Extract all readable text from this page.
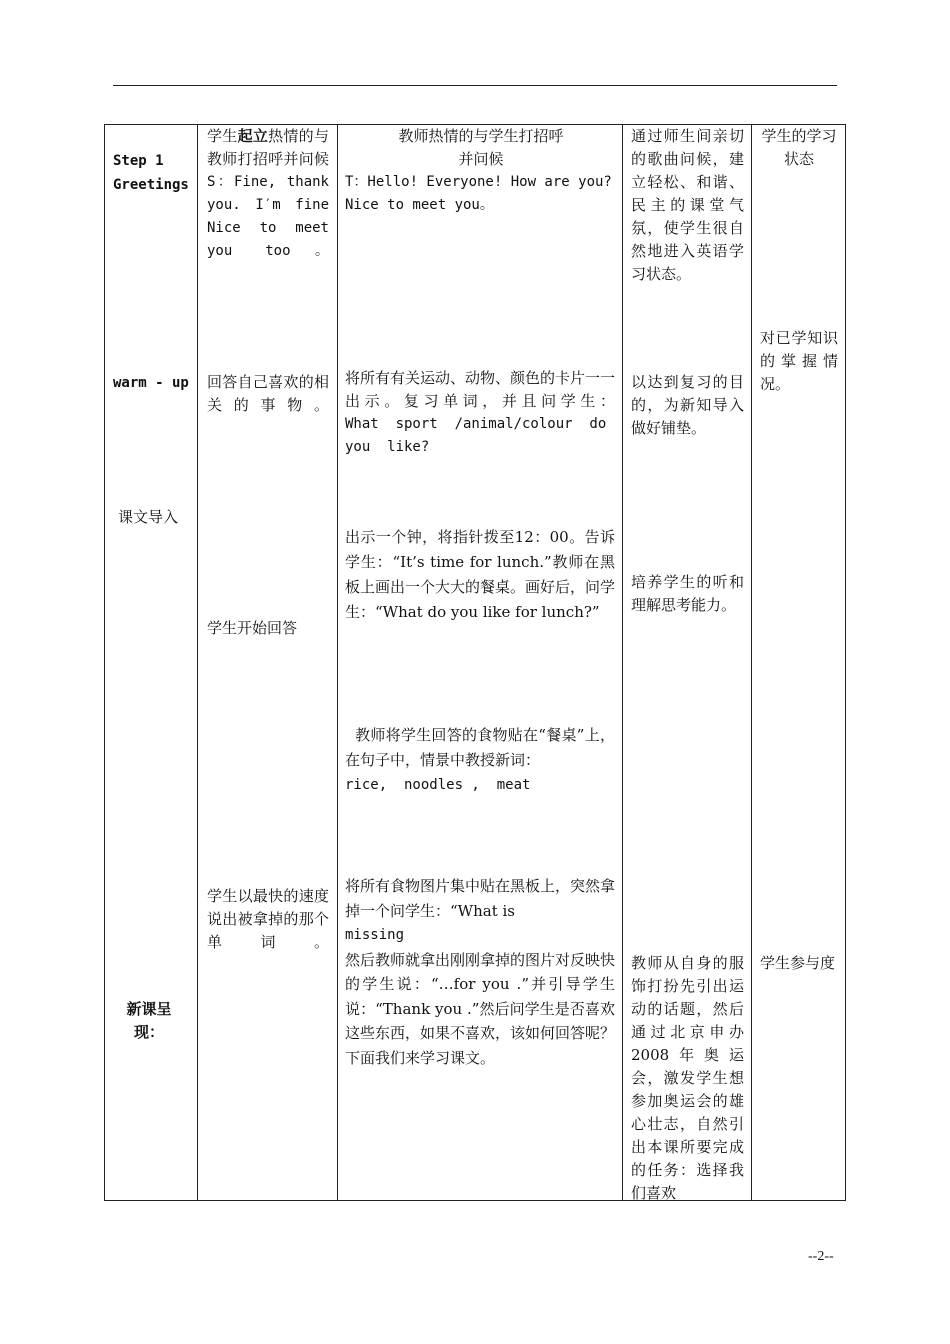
Step 1

Greetings

warm - up
课文导入

新课呈

现：

学生起立热情的与教师打招呼并问候

S：Fine, thank you. I′m fine Nice to meet you too。

回答自己喜欢的相关的事物。
学生开始回答
学生以最快的速度说出被拿掉的那个单词。

教师热情的与学生打招呼

并问候

T：Hello! Everyone! How are you?

Nice to meet you。

将所有有关运动、动物、颜色的卡片一一出示。复习单词，并且问学生：

What  sport  /animal/colour  do

you  like?

出示一个钟，将指针拨至12：00。告诉学生：“It’s time for lunch.”教师在黑板上画出一个大大的餐桌。画好后，问学生：“What do you like for lunch?”

教师将学生回答的食物贴在“餐桌”上，在句子中，情景中教授新词：

rice,  noodles ,  meat

将所有食物图片集中贴在黑板上，突然拿掉一个问学生：“What is

missing

然后教师就拿出刚刚拿掉的图片对反映快的学生说：“…for you .”并引导学生说：“Thank you .”然后问学生是否喜欢这些东西，如果不喜欢，该如何回答呢？下面我们来学习课文。

通过师生间亲切的歌曲问候，建立轻松、和谐、民主的课堂气氛，使学生很自然地进入英语学习状态。
以达到复习的目的，为新知导入做好铺垫。
培养学生的听和理解思考能力。
教师从自身的服饰打扮先引出运动的话题，然后通过北京申办2008年奥运会，激发学生想参加奥运会的雄心壮志，自然引出本课所要完成的任务：选择我们喜欢
学生的学习状态
对已学知识的掌握情况。
学生参与度
--2--
